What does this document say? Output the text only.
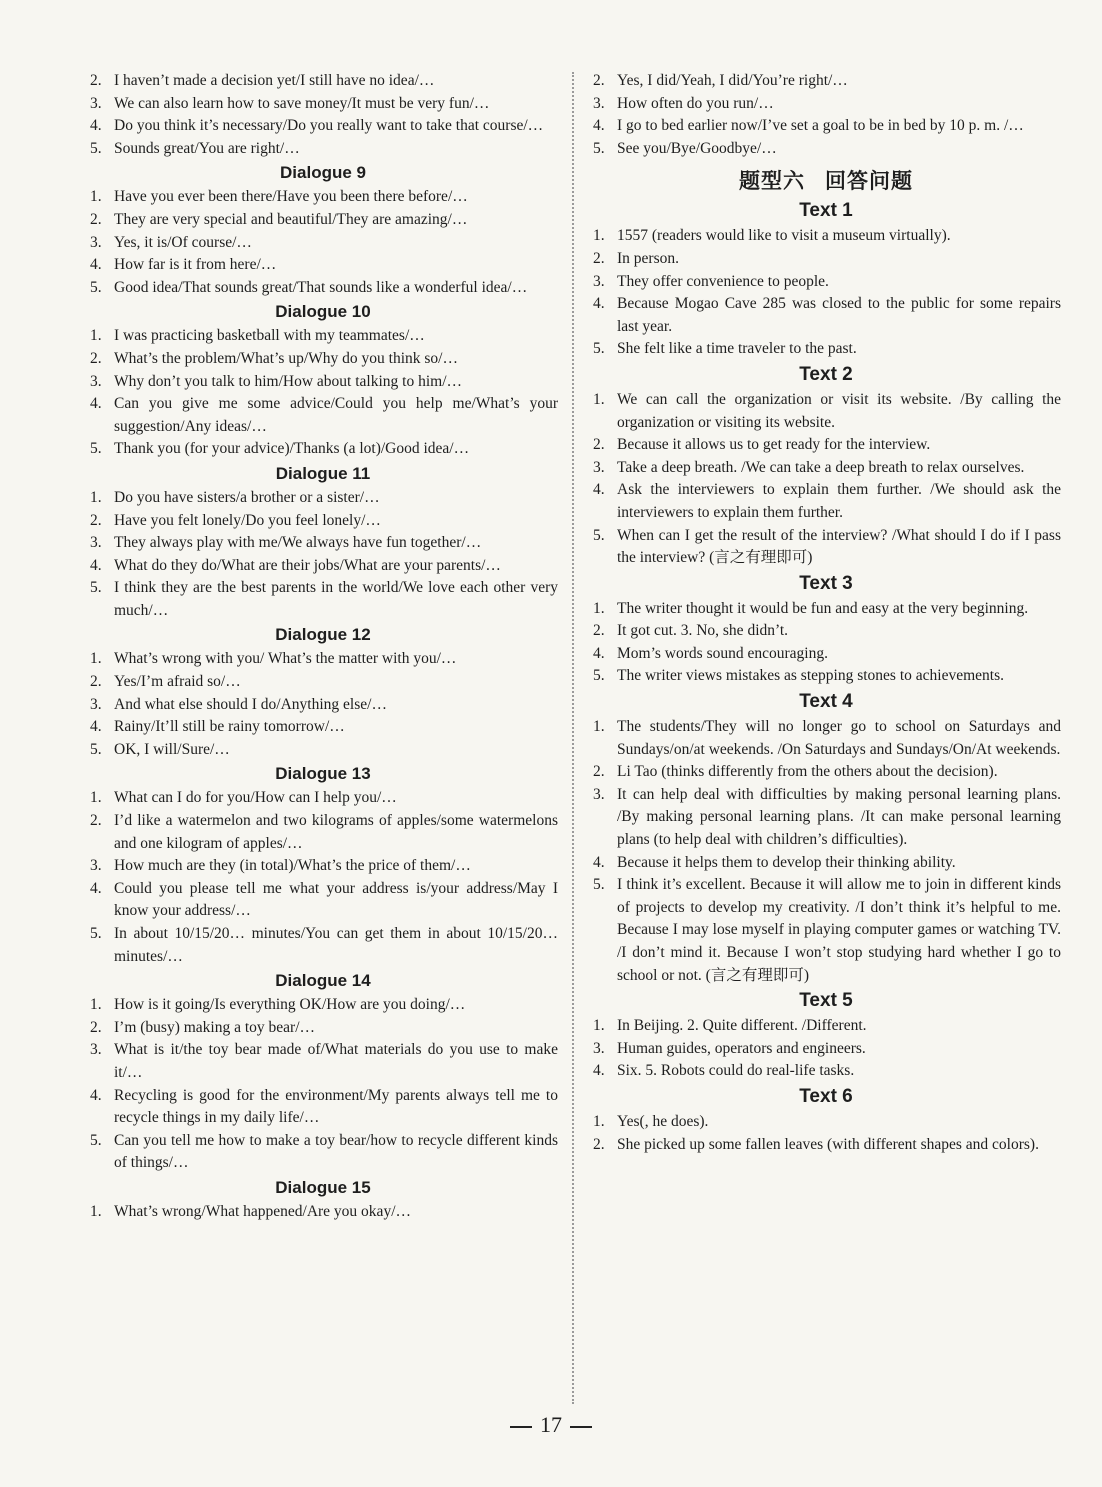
2. I haven’t made a decision yet/I still have no idea/…
3. We can also learn how to save money/It must be very fun/…
4. Do you think it’s necessary/Do you really want to take that course/…
5. Sounds great/You are right/…
Dialogue 9
1. Have you ever been there/Have you been there before/…
2. They are very special and beautiful/They are amazing/…
3. Yes, it is/Of course/…
4. How far is it from here/…
5. Good idea/That sounds great/That sounds like a wonderful idea/…
Dialogue 10
1. I was practicing basketball with my teammates/…
2. What’s the problem/What’s up/Why do you think so/…
3. Why don’t you talk to him/How about talking to him/…
4. Can you give me some advice/Could you help me/What’s your suggestion/Any ideas/…
5. Thank you (for your advice)/Thanks (a lot)/Good idea/…
Dialogue 11
1. Do you have sisters/a brother or a sister/…
2. Have you felt lonely/Do you feel lonely/…
3. They always play with me/We always have fun together/…
4. What do they do/What are their jobs/What are your parents/…
5. I think they are the best parents in the world/We love each other very much/…
Dialogue 12
1. What’s wrong with you/ What’s the matter with you/…
2. Yes/I’m afraid so/…
3. And what else should I do/Anything else/…
4. Rainy/It’ll still be rainy tomorrow/…
5. OK, I will/Sure/…
Dialogue 13
1. What can I do for you/How can I help you/…
2. I’d like a watermelon and two kilograms of apples/some watermelons and one kilogram of apples/…
3. How much are they (in total)/What’s the price of them/…
4. Could you please tell me what your address is/your address/May I know your address/…
5. In about 10/15/20… minutes/You can get them in about 10/15/20… minutes/…
Dialogue 14
1. How is it going/Is everything OK/How are you doing/…
2. I’m (busy) making a toy bear/…
3. What is it/the toy bear made of/What materials do you use to make it/…
4. Recycling is good for the environment/My parents always tell me to recycle things in my daily life/…
5. Can you tell me how to make a toy bear/how to recycle different kinds of things/…
Dialogue 15
1. What’s wrong/What happened/Are you okay/…
2. Yes, I did/Yeah, I did/You’re right/…
3. How often do you run/…
4. I go to bed earlier now/I’ve set a goal to be in bed by 10 p. m. /…
5. See you/Bye/Goodbye/…
题型六 回答问题
Text 1
1. 1557 (readers would like to visit a museum virtually).
2. In person.
3. They offer convenience to people.
4. Because Mogao Cave 285 was closed to the public for some repairs last year.
5. She felt like a time traveler to the past.
Text 2
1. We can call the organization or visit its website. /By calling the organization or visiting its website.
2. Because it allows us to get ready for the interview.
3. Take a deep breath. /We can take a deep breath to relax ourselves.
4. Ask the interviewers to explain them further. /We should ask the interviewers to explain them further.
5. When can I get the result of the interview? /What should I do if I pass the interview? (言之有理即可)
Text 3
1. The writer thought it would be fun and easy at the very beginning.
2. It got cut. 3. No, she didn’t.
4. Mom’s words sound encouraging.
5. The writer views mistakes as stepping stones to achievements.
Text 4
1. The students/They will no longer go to school on Saturdays and Sundays/on/at weekends. /On Saturdays and Sundays/On/At weekends.
2. Li Tao (thinks differently from the others about the decision).
3. It can help deal with difficulties by making personal learning plans. /By making personal learning plans. /It can make personal learning plans (to help deal with children’s difficulties).
4. Because it helps them to develop their thinking ability.
5. I think it’s excellent. Because it will allow me to join in different kinds of projects to develop my creativity. /I don’t think it’s helpful to me. Because I may lose myself in playing computer games or watching TV. /I don’t mind it. Because I won’t stop studying hard whether I go to school or not. (言之有理即可)
Text 5
1. In Beijing. 2. Quite different. /Different.
3. Human guides, operators and engineers.
4. Six. 5. Robots could do real-life tasks.
Text 6
1. Yes(, he does).
2. She picked up some fallen leaves (with different shapes and colors).
17
